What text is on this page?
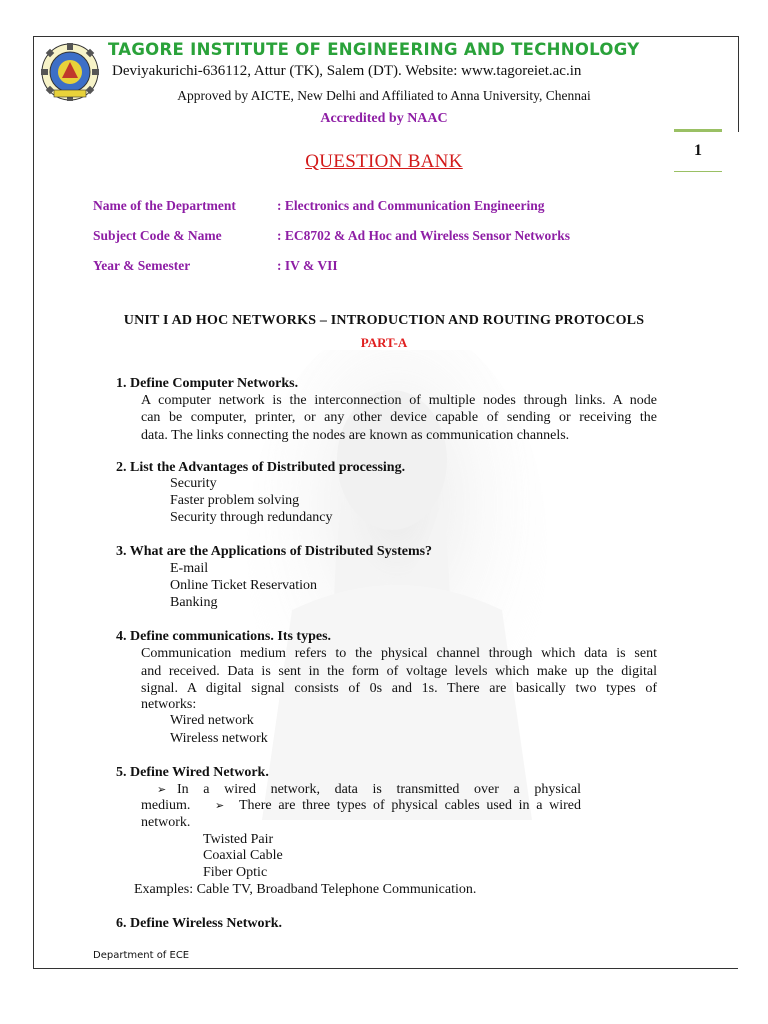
TAGORE INSTITUTE OF ENGINEERING AND TECHNOLOGY
Deviyakurichi-636112, Attur (TK), Salem (DT). Website: www.tagoreiet.ac.in
Approved by AICTE, New Delhi and Affiliated to Anna University, Chennai
Accredited by NAAC
1
QUESTION BANK
Name of the Department	: Electronics and Communication Engineering
Subject Code & Name	: EC8702 & Ad Hoc and Wireless Sensor Networks
Year & Semester	: IV & VII
UNIT I AD HOC NETWORKS – INTRODUCTION AND ROUTING PROTOCOLS
PART-A
1. Define Computer Networks.
A computer network is the interconnection of multiple nodes through links. A node
can be computer, printer, or any other device capable of sending or receiving the
data. The links connecting the nodes are known as communication channels.
2. List the Advantages of Distributed processing.
Security
Faster problem solving
Security through redundancy
3. What are the Applications of Distributed Systems?
E-mail
Online Ticket Reservation
Banking
4. Define communications. Its types.
Communication medium refers to the physical channel through which data is sent
and received. Data is sent in the form of voltage levels which make up the digital
signal. A digital signal consists of 0s and 1s. There are basically two types of
networks:
Wired network
Wireless network
5. Define Wired Network.
➢ In a wired network, data is transmitted over a physical
medium. ➢ There are three types of physical cables used in a wired
network.
Twisted Pair
Coaxial Cable
Fiber Optic
Examples: Cable TV, Broadband Telephone Communication.
6. Define Wireless Network.
Department of ECE
